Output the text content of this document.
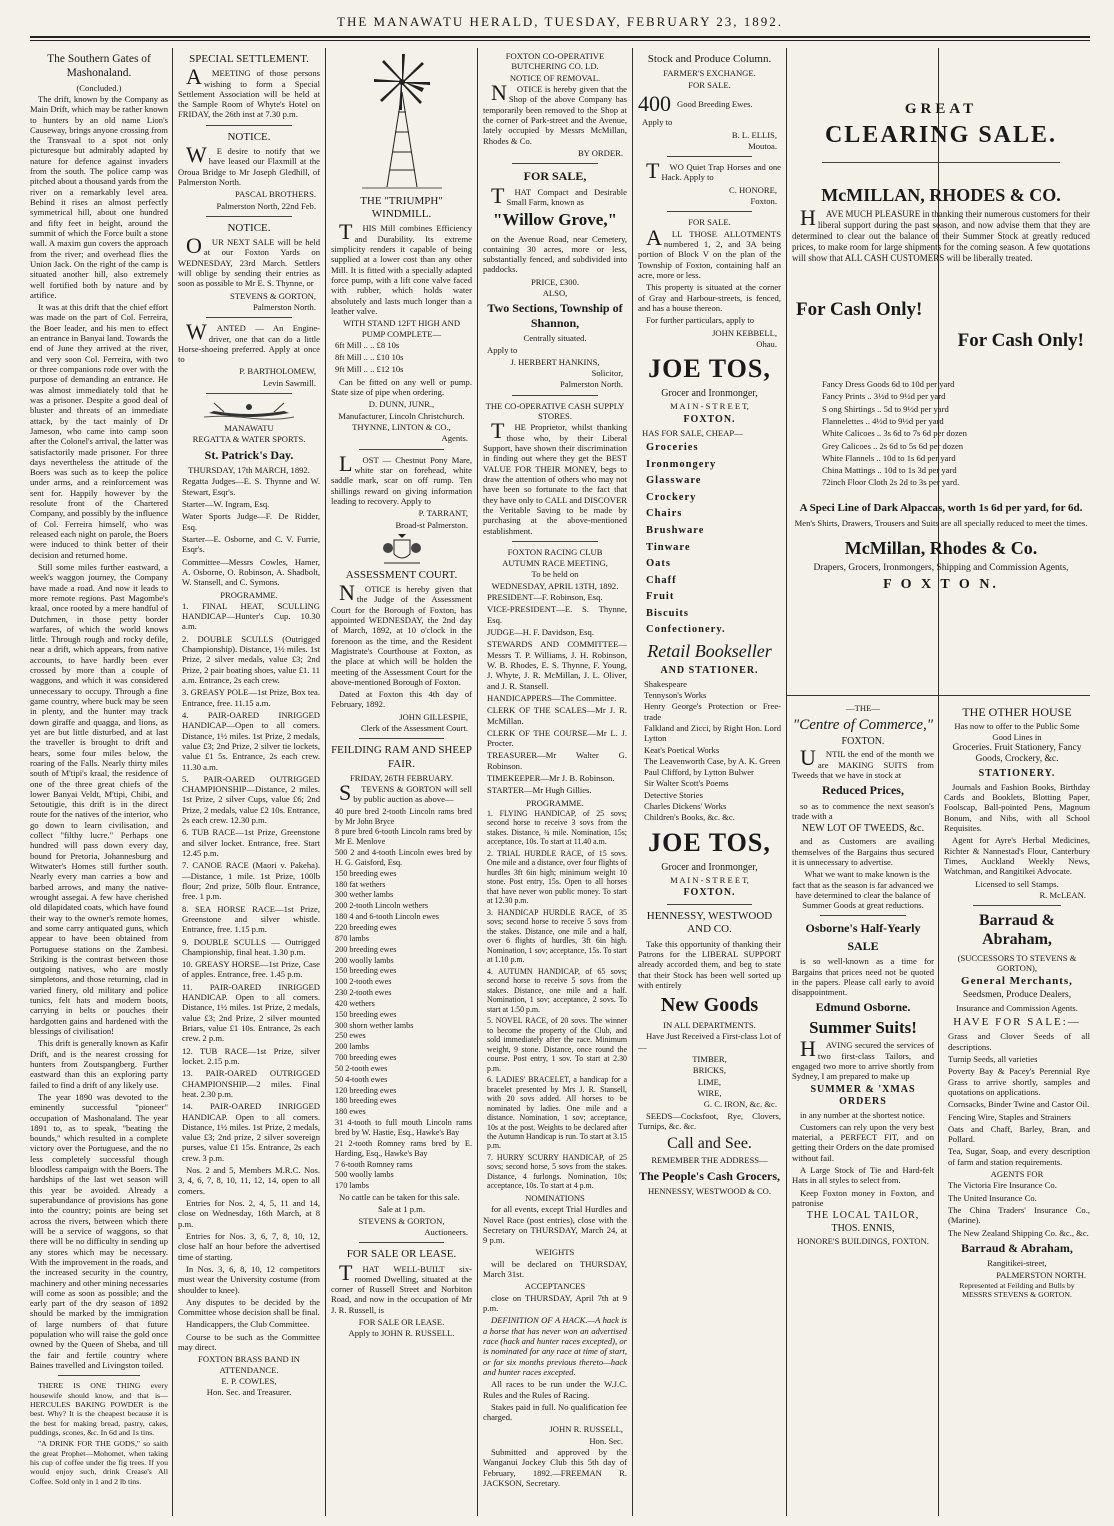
THE MANAWATU HERALD, TUESDAY, FEBRUARY 23, 1892.
The Southern Gates of Mashonaland.
(Concluded.)

The drift, known by the Company as Main Drift, which may be rather known to hunters by an old name Lion's Causeway, brings anyone crossing from the Transvaal to a spot not only picturesque but admirably adapted by nature for defence against invaders from the south. The police camp was pitched about a thousand yards from the river on a remarkably level area. Behind it rises an almost perfectly symmetrical hill, about one hundred and fifty feet in height, around the summit of which the Force built a stone wall. A maxim gun covers the approach from the river; and overhead flies the Union Jack. On the right of the camp is situated another hill, also extremely well fortified both by nature and by artifice.

It was at this drift that the chief effort was made on the part of Col. Ferreira, the Boer leader, and his men to effect an entrance in Banyai land. Towards the end of June they arrived at the river, and very soon Col. Ferreira, with two or three companions rode over with the purpose of demanding an entrance. He was almost immediately told that he was a prisoner. Despite a good deal of bluster and threats of an immediate attack, by the tact mainly of Dr Jameson, who came into camp soon after the Colonel's arrival, the latter was satisfactorily made prisoner. For three days nevertheless the attitude of the Boers was such as to keep the police under arms, and a reinforcement was sent for. Happily however by the resolute front of the Chartered Company, and possibly by the influence of Col. Ferreira himself, who was released each night on parole, the Boers were induced to think better of their decision and returned home.

Still some miles further eastward, a week's waggon journey, the Company have made a road. And now it leads to more remote regions. Past Magombe's kraal, once rooted by a mere handful of Dutchmen, in those petty border warfares, of which the world knows little. Through rough and rocky defile, near a drift, which appears, from native accounts, to have hardly been ever crossed by more than a couple of waggons, and which it was considered unnecessary to occupy. Through a fine game country, where buck may be seen in plenty, and the hunter may track down giraffe and quagga, and lions, as yet are but little disturbed, and at last the traveller is brought to drift and hears, some four miles below, the roaring of the Falls. Nearly thirty miles south of M'tipi's kraal, the residence of one of the three great chiefs of the lower Banyai Veldt, M'tipi, Chibi, and Setoutigie, this drift is in the direct route for the natives of the interior, who go down to learn civilisation, and collect "filthy lucre." Perhaps one hundred will pass down every day, bound for Pretoria, Johannesburg and Witwater's Homes still further south. Nearly every man carries a bow and barbed arrows, and many the native-wrought assegai. A few have cherished old dilapidated coats, which have found their way to the owner's remote homes, and some carry antiquated guns, which appear to have been obtained from Portuguese stations on the Zambesi. Striking is the contrast between those outgoing natives, who are mostly simpletons, and those returning, clad in varied finery, old military and police tunics, felt hats and modern boots, carrying in belts or pouches their hardgotten gains and hardened with the blessings of civilisation!

This drift is generally known as Kafir Drift, and is the nearest crossing for hunters from Zoutspangberg. Further eastward than this an exploring party failed to find a drift of any likely use.

The year 1890 was devoted to the eminently successful "pioneer" occupation of Mashonaland. The year 1891 to, as to speak, "beating the bounds," which resulted in a complete victory over the Portuguese, and the no less completely successful though bloodless campaign with the Boers. The hardships of the last wet season will this year be avoided. Already a superabundance of provisions has gone into the country; points are being set across the rivers, between which there will be a service of waggons, so that there will be no difficulty in sending up any stores which may be necessary. With the improvement in the roads, and the increased security in the country, machinery and other mining necessaries will come as soon as possible; and the early part of the dry season of 1892 should be marked by the immigration of large numbers of that future population who will raise the gold once owned by the Queen of Sheba, and till the fair and fertile country where Baines travelled and Livingston toiled.

THERE IS ONE THING every housewife should know, and that is—HERCULES BAKING POWDER is the best. Why? It is the cheapest because it is the best for making bread, pastry, cakes, puddings, scones, &c. In 6d and 1s tins.

"A DRINK FOR THE GODS," so saith the great Prophet—Mohomet, when taking his cup of coffee under the fig trees. If you would enjoy such, drink Crease's All Coffee. Sold only in 1 and 2 lb tins.

SPECIAL SETTLEMENT.

AMEETING of those persons wishing to form a Special Settlement Association will be held at the Sample Room of Whyte's Hotel on FRIDAY, the 26th inst at 7.30 p.m.

NOTICE.

WE desire to notify that we have leased our Flaxmill at the Oroua Bridge to Mr Joseph Gledhill, of Palmerston North.

PASCAL BROTHERS.
Palmerston North, 22nd Feb.
NOTICE.

OUR NEXT SALE will be held at our Foxton Yards on WEDNESDAY, 23rd March. Settlers will oblige by sending their entries as soon as possible to Mr E. S. Thynne, or

STEVENS & GORTON,
Palmerston North.

WANTED — An Engine-driver, one that can do a little Horse-shoeing preferred. Apply at once to

P. BARTHOLOMEW,
Levin Sawmill.
MANAWATU
REGATTA & WATER SPORTS.
St. Patrick's Day.
THURSDAY, 17th MARCH, 1892.
Regatta Judges—E. S. Thynne and W. Stewart, Esqr's.
Starter—W. Ingram, Esq.
Water Sports Judge—F. De Ridder, Esq.
Starter—E. Osborne, and C. V. Furrie, Esqr's.
Committee—Messrs Cowles, Hamer, A. Osborne, O. Robinson, A. Shadbolt, W. Stansell, and C. Symons.
PROGRAMME.
1. FINAL HEAT, SCULLING HANDICAP—Hunter's Cup. 10.30 a.m.
2. DOUBLE SCULLS (Outrigged Championship). Distance, 1½ miles. 1st Prize, 2 silver medals, value £3; 2nd Prize, 2 pair boating shoes, value £1. 11 a.m. Entrance, 2s each crew.
3. GREASY POLE—1st Prize, Box tea. Entrance, free. 11.15 a.m.
4. PAIR-OARED INRIGGED HANDICAP—Open to all comers. Distance, 1½ miles. 1st Prize, 2 medals, value £3; 2nd Prize, 2 silver tie lockets, value £1 5s. Entrance, 2s each crew. 11.30 a.m.
5. PAIR-OARED OUTRIGGED CHAMPIONSHIP—Distance, 2 miles. 1st Prize, 2 silver Cups, value £6; 2nd Prize, 2 medals, value £2 10s. Entrance, 2s each crew. 12.30 p.m.
6. TUB RACE—1st Prize, Greenstone and silver locket. Entrance, free. Start 12.45 p.m.
7. CANOE RACE (Maori v. Pakeha). —Distance, 1 mile. 1st Prize, 100lb flour; 2nd prize, 50lb flour. Entrance, free. 1 p.m.
8. SEA HORSE RACE—1st Prize, Greenstone and silver whistle. Entrance, free. 1.15 p.m.
9. DOUBLE SCULLS — Outrigged Championship, final heat. 1.30 p.m.
10. GREASY HORSE—1st Prize, Case of apples. Entrance, free. 1.45 p.m.
11. PAIR-OARED INRIGGED HANDICAP. Open to all comers. Distance, 1½ miles. 1st Prize, 2 medals, value £3; 2nd Prize, 2 silver mounted Briars, value £1 10s. Entrance, 2s each crew. 2 p.m.
12. TUB RACE—1st Prize, silver locket. 2.15 p.m.
13. PAIR-OARED OUTRIGGED CHAMPIONSHIP.—2 miles. Final heat. 2.30 p.m.
14. PAIR-OARED INRIGGED HANDICAP. Open to all comers. Distance, 1½ miles. 1st Prize, 2 medals, value £3; 2nd prize, 2 silver sovereign purses, value £1 15s. Entrance, 2s each crew. 3 p.m.

Nos. 2 and 5, Members M.R.C. Nos. 3, 4, 6, 7, 8, 10, 11, 12, 14, open to all comers.

Entries for Nos. 2, 4, 5, 11 and 14, close on Wednesday, 16th March, at 8 p.m.

Entries for Nos. 3, 6, 7, 8, 10, 12, close half an hour before the advertised time of starting.

In Nos. 3, 6, 8, 10, 12 competitors must wear the University costume (from shoulder to knee).

Any disputes to be decided by the Committee whose decision shall be final.

Handicappers, the Club Committee.

Course to be such as the Committee may direct.

FOXTON BRASS BAND IN ATTENDANCE.
E. P. COWLES,
Hon. Sec. and Treasurer.
THE "TRIUMPH" WINDMILL.

THIS Mill combines Efficiency and Durability. Its extreme simplicity renders it capable of being supplied at a lower cost than any other Mill. It is fitted with a specially adapted force pump, with a lift cone valve faced with rubber, which holds water absolutely and lasts much longer than a leather valve.

WITH STAND 12FT HIGH AND PUMP COMPLETE—
6ft Mill .. .. £8 10s
8ft Mill .. .. £10 10s
9ft Mill .. .. £12 10s

Can be fitted on any well or pump. State size of pipe when ordering.

D. DUNN, JUNR.,
Manufacturer, Lincoln Christchurch.
THYNNE, LINTON & CO.,
Agents.

LOST — Chestnut Pony Mare, white star on forehead, white saddle mark, scar on off rump. Ten shillings reward on giving information leading to recovery. Apply to

P. TARRANT,
Broad-st Palmerston.
ASSESSMENT COURT.

NOTICE is hereby given that the Judge of the Assessment Court for the Borough of Foxton, has appointed WEDNESDAY, the 2nd day of March, 1892, at 10 o'clock in the forenoon as the time, and the Resident Magistrate's Courthouse at Foxton, as the place at which will be holden the meeting of the Assessment Court for the above-mentioned Borough of Foxton.

Dated at Foxton this 4th day of February, 1892.

JOHN GILLESPIE,
Clerk of the Assessment Court.
FEILDING RAM AND SHEEP FAIR.
FRIDAY, 26TH FEBRUARY.

STEVENS & GORTON will sell by public auction as above—

40 pure bred 2-tooth Lincoln rams bred by Mr John Bryce
8 pure bred 6-tooth Lincoln rams bred by Mr E. Menlove
500 2 and 4-tooth Lincoln ewes bred by H. G. Gaisford, Esq.
150 breeding ewes
180 fat wethers
300 wether lambs
200 2-tooth Lincoln wethers
180 4 and 6-tooth Lincoln ewes
220 breeding ewes
870 lambs
200 breeding ewes
200 woolly lambs
150 breeding ewes
100 2-tooth ewes
230 2-tooth ewes
420 wethers
150 breeding ewes
300 shorn wether lambs
250 ewes
200 lambs
700 breeding ewes
50 2-tooth ewes
50 4-tooth ewes
120 breeding ewes
180 breeding ewes
180 ewes
31 4-tooth to full mouth Lincoln rams bred by W. Hastie, Esq., Hawke's Bay
21 2-tooth Romney rams bred by E. Harding, Esq., Hawke's Bay
7 6-tooth Romney rams
500 woolly lambs
170 lambs

No cattle can be taken for this sale.

Sale at 1 p.m.
STEVENS & GORTON,
Auctioneers.
FOR SALE OR LEASE.

THAT WELL-BUILT six-roomed Dwelling, situated at the corner of Russell Street and Norbiton Road, and now in the occupation of Mr J. R. Russell, is

FOR SALE OR LEASE.
Apply to JOHN R. RUSSELL.
FOXTON CO-OPERATIVE BUTCHERING CO. LD.
NOTICE OF REMOVAL.

NOTICE is hereby given that the Shop of the above Company has temporarily been removed to the Shop at the corner of Park-street and the Avenue, lately occupied by Messrs McMillan, Rhodes & Co.

BY ORDER.
FOR SALE,

THAT Compact and Desirable Small Farm, known as

"Willow Grove,"

on the Avenue Road, near Cemetery, containing 30 acres, more or less, substantially fenced, and subdivided into paddocks.

PRICE, £300.
ALSO,
Two Sections, Township of Shannon,
Centrally situated.
Apply to
J. HERBERT HANKINS,
Solicitor,
Palmerston North.
THE CO-OPERATIVE CASH SUPPLY STORES.

THE Proprietor, whilst thanking those who, by their Liberal Support, have shown their discrimination in finding out where they get the BEST VALUE FOR THEIR MONEY, begs to draw the attention of others who may not have been so fortunate to the fact that they have only to CALL and DISCOVER the Veritable Saving to be made by purchasing at the above-mentioned establishment.

FOXTON RACING CLUB
AUTUMN RACE MEETING,
To be held on
WEDNESDAY, APRIL 13TH, 1892.
PRESIDENT—F. Robinson, Esq.
VICE-PRESIDENT—E. S. Thynne, Esq.
JUDGE—H. F. Davidson, Esq.
STEWARDS AND COMMITTEE—Messrs T. P. Williams, J. H. Robinson, W. B. Rhodes, E. S. Thynne, F. Young, J. Whyte, J. R. McMillan, J. L. Oliver, and J. R. Stansell.
HANDICAPPERS—The Committee.
CLERK OF THE SCALES—Mr J. R. McMillan.
CLERK OF THE COURSE—Mr L. J. Procter.
TREASURER—Mr Walter G. Robinson.
TIMEKEEPER—Mr J. B. Robinson.
STARTER—Mr Hugh Gillies.
PROGRAMME.
1. FLYING HANDICAP, of 25 sovs; second horse to receive 3 sovs from the stakes. Distance, ¾ mile. Nomination, 15s; acceptance, 10s. To start at 11.40 a.m.
2. TRIAL HURDLE RACE, of 15 sovs. One mile and a distance, over four flights of hurdles 3ft 6in high; minimum weight 10 stone. Post entry, 15s. Open to all horses that have never won public money. To start at 12.30 p.m.
3. HANDICAP HURDLE RACE, of 35 sovs; second horse to receive 5 sovs from the stakes. Distance, one mile and a half, over 6 flights of hurdles, 3ft 6in high. Nomination, 1 sov; acceptance, 15s. To start at 1.10 p.m.
4. AUTUMN HANDICAP, of 65 sovs; second horse to receive 5 sovs from the stakes. Distance, one mile and a half. Nomination, 1 sov; acceptance, 2 sovs. To start at 1.50 p.m.
5. NOVEL RACE, of 20 sovs. The winner to become the property of the Club, and sold immediately after the race. Minimum weight, 9 stone. Distance, once round the course. Post entry, 1 sov. To start at 2.30 p.m.
6. LADIES' BRACELET, a handicap for a bracelet presented by Mrs J. R. Stansell, with 20 sovs added. All horses to be nominated by ladies. One mile and a distance. Nomination, 1 sov; acceptance, 10s at the post. Weights to be declared after the Autumn Handicap is run. To start at 3.15 p.m.
7. HURRY SCURRY HANDICAP, of 25 sovs; second horse, 5 sovs from the stakes. Distance, 4 furlongs. Nomination, 10s; acceptance, 10s. To start at 4 p.m.
NOMINATIONS

for all events, except Trial Hurdles and Novel Race (post entries), close with the Secretary on THURSDAY, March 24, at 9 p.m.

WEIGHTS

will be declared on THURSDAY, March 31st.

ACCEPTANCES

close on THURSDAY, April 7th at 9 p.m.

DEFINITION OF A HACK.—A hack is a horse that has never won an advertised race (hack and hunter races excepted), or is nominated for any race at time of start, or for six months previous thereto—hack and hunter races excepted.

All races to be run under the W.J.C. Rules and the Rules of Racing.

Stakes paid in full. No qualification fee charged.

JOHN R. RUSSELL,
Hon. Sec.

Submitted and approved by the Wanganui Jockey Club this 5th day of February, 1892.—FREEMAN R. JACKSON, Secretary.

Stock and Produce Column.
FARMER'S EXCHANGE.
FOR SALE.
400 Good Breeding Ewes.
Apply to
B. L. ELLIS,
Moutoa.

TWO Quiet Trap Horses and one Hack. Apply to

C. HONORE,
Foxton.
FOR SALE.

ALL THOSE ALLOTMENTS numbered 1, 2, and 3A being portion of Block V on the plan of the Township of Foxton, containing half an acre, more or less.

This property is situated at the corner of Gray and Harbour-streets, is fenced, and has a house thereon.

For further particulars, apply to

JOHN KEBBELL,
Ohau.
JOE TOS,
Grocer and Ironmonger,
M A I N - S T R E E T,
FOXTON.
HAS FOR SALE, CHEAP—
Groceries
Ironmongery
Glassware
Crockery
Chairs
Brushware
Tinware
Oats
Chaff
Fruit
Biscuits
Confectionery.
Retail Bookseller
AND STATIONER.
Shakespeare
Tennyson's Works
Henry George's Protection or Free-trade
Falkland and Zicci, by Right Hon. Lord Lytton
Keat's Poetical Works
The Leavenworth Case, by A. K. Green
Paul Clifford, by Lytton Bulwer
Sir Walter Scott's Poems
Detective Stories
Charles Dickens' Works
Children's Books, &c. &c.
JOE TOS,
Grocer and Ironmonger,
M A I N - S T R E E T,
FOXTON.
HENNESSY, WESTWOOD AND CO.

Take this opportunity of thanking their Patrons for the LIBERAL SUPPORT already accorded them, and beg to state that their Stock has been well sorted up with entirely

New Goods
IN ALL DEPARTMENTS.

Have Just Received a First-class Lot of—

TIMBER,
BRICKS,
LIME,
WIRE,
G. C. IRON, &c. &c.

SEEDS—Cocksfoot, Rye, Clovers, Turnips, &c. &c.

Call and See.
REMEMBER THE ADDRESS—
The People's Cash Grocers,
HENNESSY, WESTWOOD & CO.
GREAT
CLEARING SALE.
McMILLAN, RHODES & CO.

HAVE MUCH PLEASURE in thanking their numerous customers for their liberal support during the past season, and now advise them that they are determined to clear out the balance of their Summer Stock at greatly reduced prices, to make room for large shipments for the coming season. A few quotations will show that ALL CASH CUSTOMERS will be liberally treated.

For Cash Only!
For Cash Only!
Fancy Dress Goods 6d to 10d per yard
Fancy Prints .. 3½d to 9½d per yard
S ong Shirtings .. 5d to 9½d per yard
Flannelettes .. 4½d to 9½d per yard
White Calicoes .. 3s 6d to 7s 6d per dozen
Grey Calicoes .. 2s 6d to 5s 6d per dozen
White Flannels .. 10d to 1s 6d per yard
China Mattings .. 10d to 1s 3d per yard
72inch Floor Cloth 2s 2d to 3s per yard.
A Speci Line of Dark Alpaccas, worth 1s 6d per yard, for 6d.

Men's Shirts, Drawers, Trousers and Suits are all specially reduced to meet the times.

McMillan, Rhodes & Co.
Drapers, Grocers, Ironmongers, Shipping and Commission Agents,
F O X T O N.
—THE—
"Centre of Commerce,"
FOXTON.

UNTIL the end of the month we are MAKING SUITS from Tweeds that we have in stock at

Reduced Prices,

so as to commence the next season's trade with a

NEW LOT OF TWEEDS, &c.

and as Customers are availing themselves of the Bargains thus secured it is unnecessary to advertise.

What we want to make known is the fact that as the season is far advanced we have determined to clear the balance of Summer Goods at great reductions.

Osborne's Half-Yearly
SALE

is so well-known as a time for Bargains that prices need not be quoted in the papers. Please call early to avoid disappointment.

Edmund Osborne.
Summer Suits!

HAVING secured the services of two first-class Tailors, and engaged two more to arrive shortly from Sydney, I am prepared to make up

SUMMER & 'XMAS ORDERS

in any number at the shortest notice.

Customers can rely upon the very best material, a PERFECT FIT, and on getting their Orders on the date promised without fail.

A Large Stock of Tie and Hard-felt Hats in all styles to select from.

Keep Foxton money in Foxton, and patronise

THE LOCAL TAILOR,
THOS. ENNIS,
HONORE'S BUILDINGS, FOXTON.
THE OTHER HOUSE
Has now to offer to the Public Some Good Lines in
Groceries. Fruit Stationery, Fancy Goods, Crockery, &c.
STATIONERY.

Journals and Fashion Books, Birthday Cards and Booklets, Blotting Paper, Foolscap, Ball-pointed Pens, Magnum Bonum, and Nibs, with all School Requisites.

Agent for Ayre's Herbal Medicines, Richter & Nannestad's Flour, Canterbury Times, Auckland Weekly News, Watchman, and Rangitikei Advocate.

Licensed to sell Stamps.
R. McLEAN.
Barraud & Abraham,
(SUCCESSORS TO STEVENS & GORTON),
General Merchants,
Seedsmen, Produce Dealers,
Insurance and Commission Agents.
HAVE FOR SALE:—
Grass and Clover Seeds of all descriptions.
Turnip Seeds, all varieties
Poverty Bay & Pacey's Perennial Rye Grass to arrive shortly, samples and quotations on applications.
Cornsacks, Binder Twine and Castor Oil.
Fencing Wire, Staples and Strainers
Oats and Chaff, Barley, Bran, and Pollard.
Tea, Sugar, Soap, and every description of farm and station requirements.
AGENTS FOR
The Victoria Fire Insurance Co.
The United Insurance Co.
The China Traders' Insurance Co., (Marine).
The New Zealand Shipping Co. &c., &c.
Barraud & Abraham,
Rangitikei-street,
PALMERSTON NORTH.
Represented at Feilding and Bulls by MESSRS STEVENS & GORTON.
